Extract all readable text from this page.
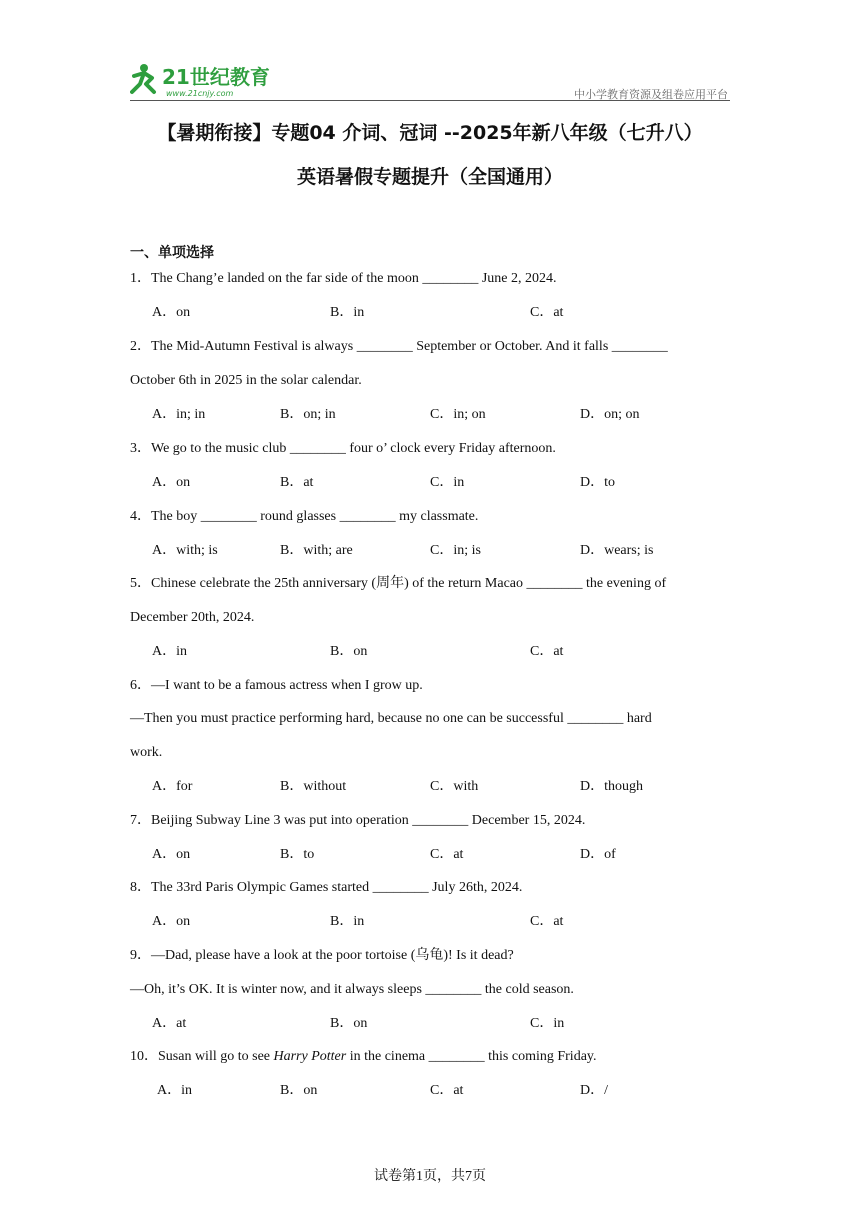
21世纪教育
www.21cnjy.com	中小学教育资源及组卷应用平台
【暑期衔接】专题04 介词、冠词 --2025年新八年级（七升八）
英语暑假专题提升（全国通用）
一、单项选择
1．The Chang’e landed on the far side of the moon ________ June 2, 2024.
A．on	B．in	C．at
2．The Mid-Autumn Festival is always ________ September or October. And it falls ________
October 6th in 2025 in the solar calendar.
A．in; in	B．on; in	C．in; on	D．on; on
3．We go to the music club ________ four o’ clock every Friday afternoon.
A．on	B．at	C．in	D．to
4．The boy ________ round glasses ________ my classmate.
A．with; is	B．with; are	C．in; is	D．wears; is
5．Chinese celebrate the 25th anniversary (周年) of the return Macao ________ the evening of
December 20th, 2024.
A．in	B．on	C．at
6．—I want to be a famous actress when I grow up.
—Then you must practice performing hard, because no one can be successful ________ hard
work.
A．for	B．without	C．with	D．though
7．Beijing Subway Line 3 was put into operation ________ December 15, 2024.
A．on	B．to	C．at	D．of
8．The 33rd Paris Olympic Games started ________ July 26th, 2024.
A．on	B．in	C．at
9．—Dad, please have a look at the poor tortoise (乌龟)! Is it dead?
—Oh, it’s OK. It is winter now, and it always sleeps ________ the cold season.
A．at	B．on	C．in
10．Susan will go to see Harry Potter in the cinema ________ this coming Friday.
A．in	B．on	C．at	D．/
试卷第1页，共7页
